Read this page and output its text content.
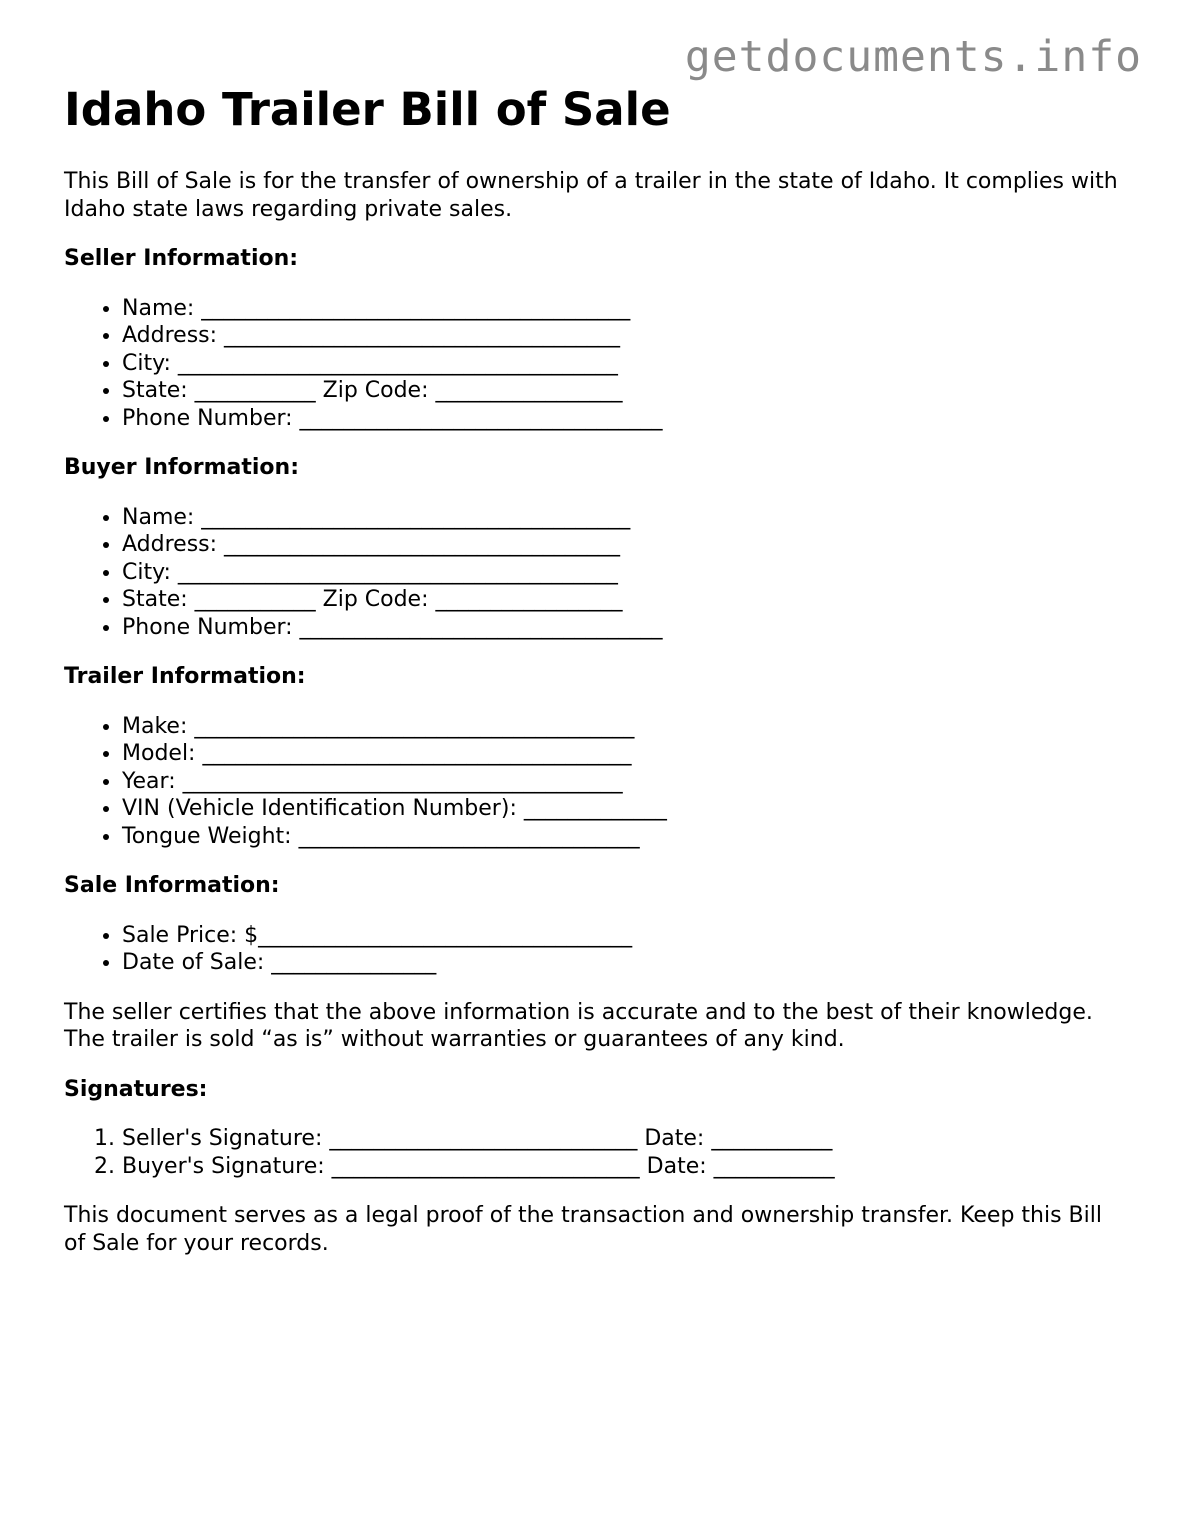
getdocuments.info
Idaho Trailer Bill of Sale

This Bill of Sale is for the transfer of ownership of a trailer in the state of Idaho. It complies with Idaho state laws regarding private sales.

Seller Information:
• Name: _______________________________________
• Address: ____________________________________
• City: ________________________________________
• State: ___________ Zip Code: _________________
• Phone Number: _________________________________
Buyer Information:
• Name: _______________________________________
• Address: ____________________________________
• City: ________________________________________
• State: ___________ Zip Code: _________________
• Phone Number: _________________________________
Trailer Information:
• Make: ________________________________________
• Model: _______________________________________
• Year: ________________________________________
• VIN (Vehicle Identification Number): _____________
• Tongue Weight: _______________________________
Sale Information:
• Sale Price: $__________________________________
• Date of Sale: _______________

The seller certifies that the above information is accurate and to the best of their knowledge. The trailer is sold “as is” without warranties or guarantees of any kind.

Signatures:
1. Seller's Signature: ____________________________ Date: ___________
2. Buyer's Signature: ____________________________ Date: ___________

This document serves as a legal proof of the transaction and ownership transfer. Keep this Bill of Sale for your records.
